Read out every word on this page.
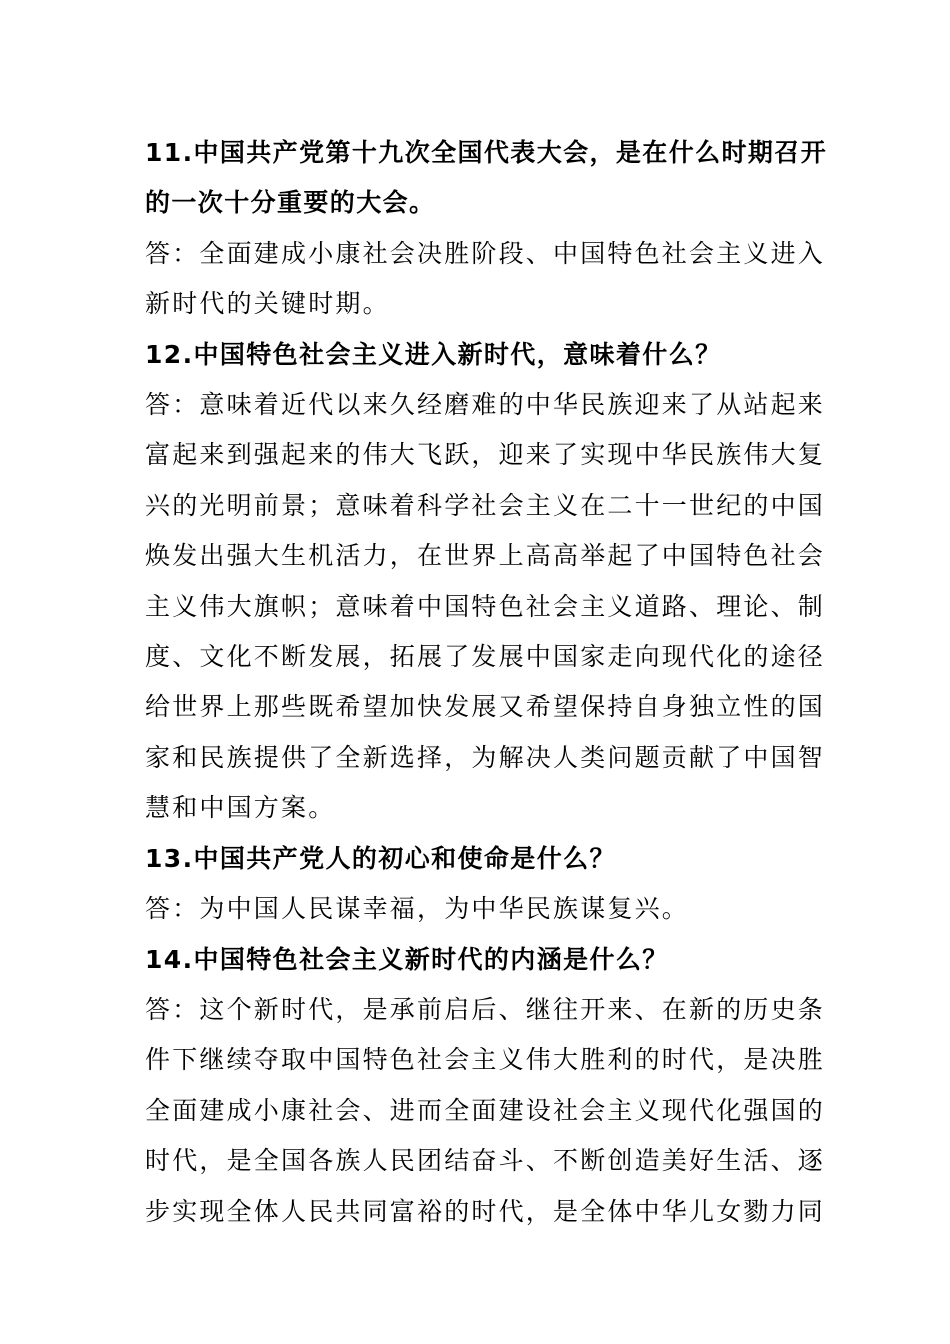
11.中国共产党第十九次全国代表大会，是在什么时期召开
的一次十分重要的大会。

答：全面建成小康社会决胜阶段、中国特色社会主义进入
新时代的关键时期。

12.中国特色社会主义进入新时代，意味着什么？

答：意味着近代以来久经磨难的中华民族迎来了从站起来
富起来到强起来的伟大飞跃，迎来了实现中华民族伟大复
兴的光明前景；意味着科学社会主义在二十一世纪的中国
焕发出强大生机活力，在世界上高高举起了中国特色社会
主义伟大旗帜；意味着中国特色社会主义道路、理论、制
度、文化不断发展，拓展了发展中国家走向现代化的途径
给世界上那些既希望加快发展又希望保持自身独立性的国
家和民族提供了全新选择，为解决人类问题贡献了中国智
慧和中国方案。

13.中国共产党人的初心和使命是什么？

答：为中国人民谋幸福，为中华民族谋复兴。

14.中国特色社会主义新时代的内涵是什么？

答：这个新时代，是承前启后、继往开来、在新的历史条
件下继续夺取中国特色社会主义伟大胜利的时代，是决胜
全面建成小康社会、进而全面建设社会主义现代化强国的
时代，是全国各族人民团结奋斗、不断创造美好生活、逐
步实现全体人民共同富裕的时代，是全体中华儿女勠力同
